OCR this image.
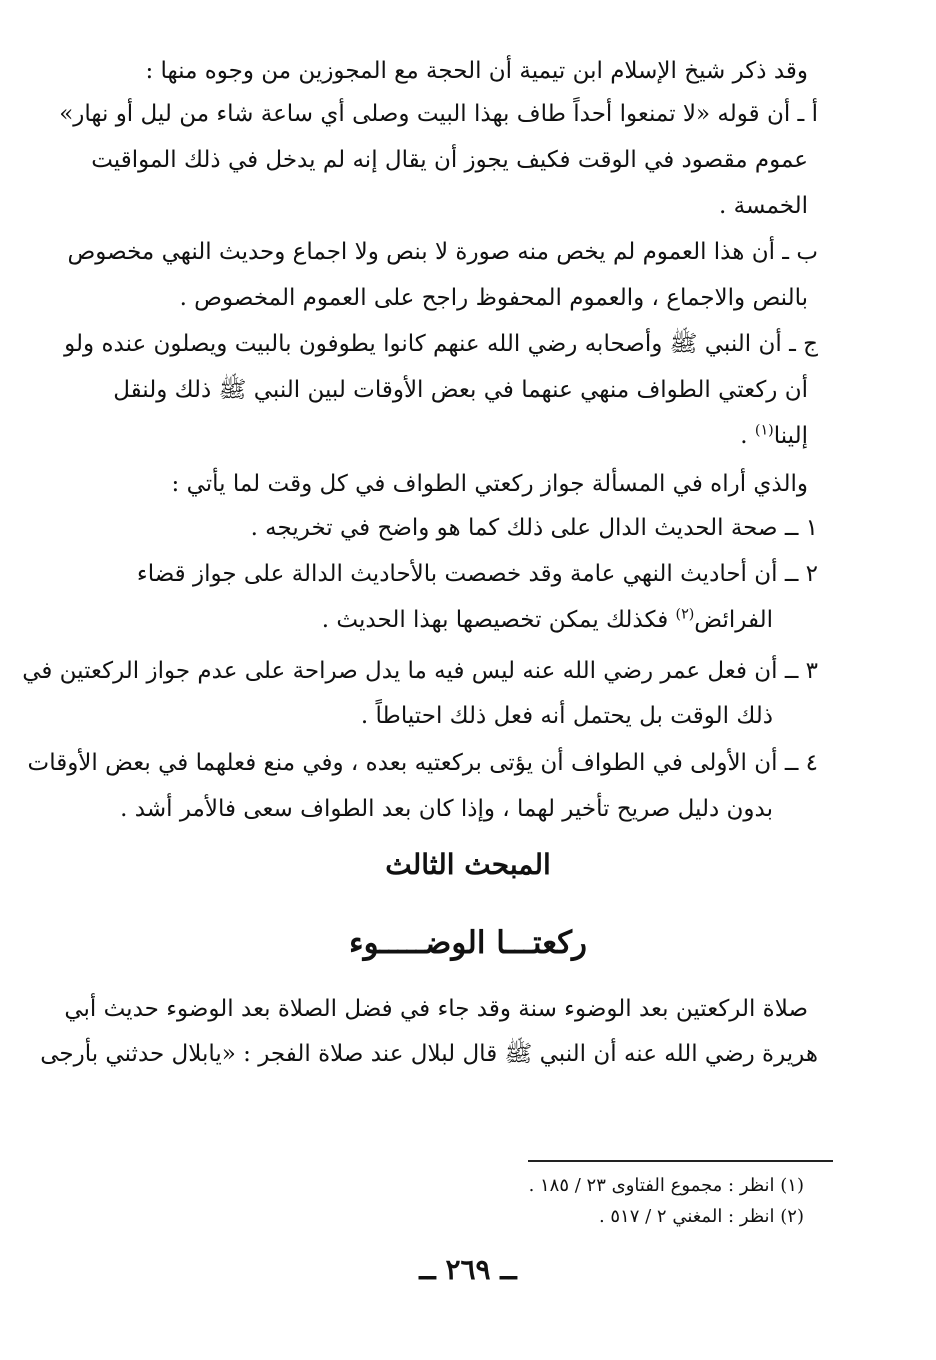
وقد ذكر شيخ الإسلام ابن تيمية أن الحجة مع المجوزين من وجوه منها :
أ ـ أن قوله «لا تمنعوا أحداً طاف بهذا البيت وصلى أي ساعة شاء من ليل أو نهار»
عموم مقصود في الوقت فكيف يجوز أن يقال إنه لم يدخل في ذلك المواقيت
الخمسة .
ب ـ أن هذا العموم لم يخص منه صورة لا بنص ولا اجماع وحديث النهي مخصوص
بالنص والاجماع ، والعموم المحفوظ راجح على العموم المخصوص .
ج ـ أن النبي ﷺ وأصحابه رضي الله عنهم كانوا يطوفون بالبيت ويصلون عنده ولو
أن ركعتي الطواف منهي عنهما في بعض الأوقات لبين النبي ﷺ ذلك ولنقل
إلينا$^{(١)}$ .
والذي أراه في المسألة جواز ركعتي الطواف في كل وقت لما يأتي :
١ ــ صحة الحديث الدال على ذلك كما هو واضح في تخريجه .
٢ ــ أن أحاديث النهي عامة وقد خصصت بالأحاديث الدالة على جواز قضاء
الفرائض$^{(٢)}$ فكذلك يمكن تخصيصها بهذا الحديث .
٣ ــ أن فعل عمر رضي الله عنه ليس فيه ما يدل صراحة على عدم جواز الركعتين في
ذلك الوقت بل يحتمل أنه فعل ذلك احتياطاً .
٤ ــ أن الأولى في الطواف أن يؤتى بركعتيه بعده ، وفي منع فعلهما في بعض الأوقات
بدون دليل صريح تأخير لهما ، وإذا كان بعد الطواف سعى فالأمر أشد .
المبحث الثالث
ركعتـــا الوضـــــوء
صلاة الركعتين بعد الوضوء سنة وقد جاء في فضل الصلاة بعد الوضوء حديث أبي
هريرة رضي الله عنه أن النبي ﷺ قال لبلال عند صلاة الفجر : «يابلال حدثني بأرجى
(١) انظر : مجموع الفتاوى ٢٣ / ١٨٥ .
(٢) انظر : المغني ٢ / ٥١٧ .
ــ ٢٦٩ ــ
